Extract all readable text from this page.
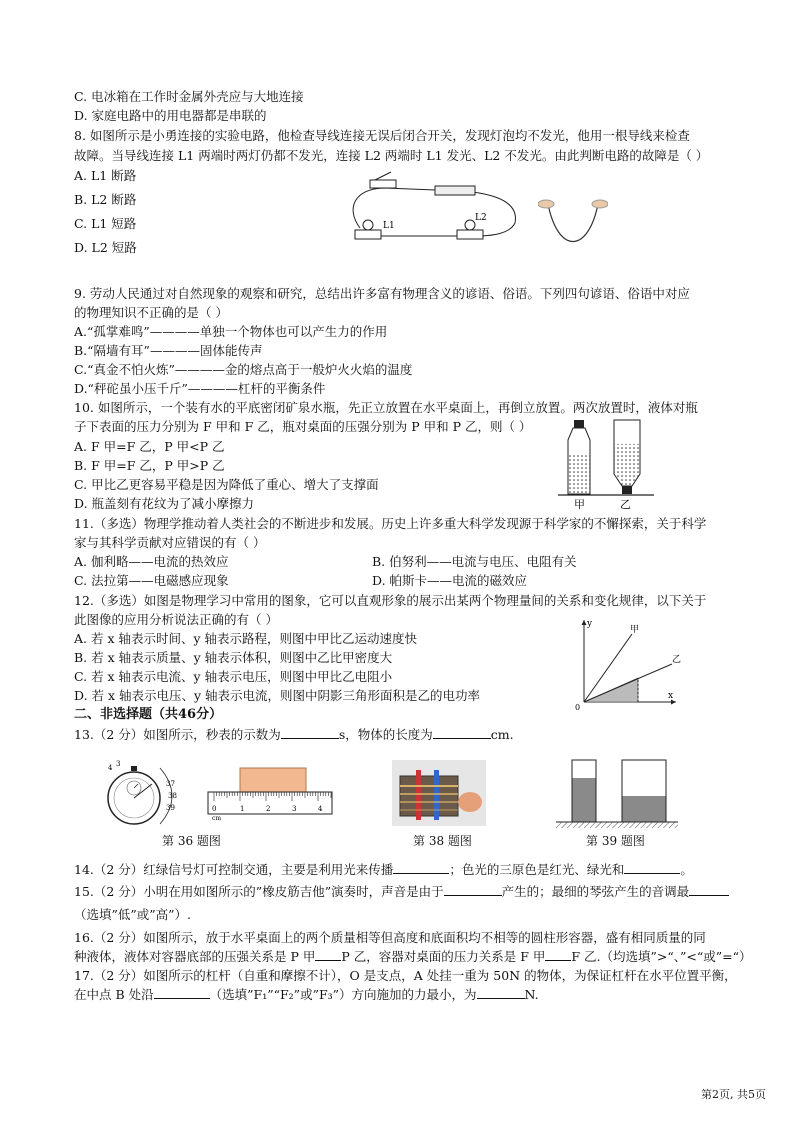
C. 电冰箱在工作时金属外壳应与大地连接
D. 家庭电路中的用电器都是串联的
8. 如图所示是小勇连接的实验电路，他检查导线连接无误后闭合开关，发现灯泡均不发光，他用一根导线来检查
故障。当导线连接 L1 两端时两灯仍都不发光，连接 L2 两端时 L1 发光、L2 不发光。由此判断电路的故障是（ ）
A. L1 断路
B. L2 断路
C. L1 短路
D. L2 短路
L1
L2
9. 劳动人民通过对自然现象的观察和研究，总结出许多富有物理含义的谚语、俗语。下列四句谚语、俗语中对应
的物理知识不正确的是（ ）
A.“孤掌难鸣”————单独一个物体也可以产生力的作用
B.“隔墙有耳”————固体能传声
C.“真金不怕火炼”————金的熔点高于一般炉火火焰的温度
D.“秤砣虽小压千斤”————杠杆的平衡条件
10. 如图所示，一个装有水的平底密闭矿泉水瓶，先正立放置在水平桌面上，再倒立放置。两次放置时，液体对瓶
子下表面的压力分别为 F 甲和 F 乙，瓶对桌面的压强分别为 P 甲和 P 乙，则（ ）
A. F 甲=F 乙，P 甲<P 乙
B. F 甲=F 乙，P 甲>P 乙
C. 甲比乙更容易平稳是因为降低了重心、增大了支撑面
D. 瓶盖刻有花纹为了减小摩擦力	甲	乙
11.（多选）物理学推动着人类社会的不断进步和发展。历史上许多重大科学发现源于科学家的不懈探索，关于科学
家与其科学贡献对应错误的有（ ）
A. 伽利略——电流的热效应	B. 伯努利——电流与电压、电阻有关
C. 法拉第——电磁感应现象	D. 帕斯卡——电流的磁效应
12.（多选）如图是物理学习中常用的图象，它可以直观形象的展示出某两个物理量间的关系和变化规律，以下关于
此图像的应用分析说法正确的有（ ）
A. 若 x 轴表示时间、y 轴表示路程，则图中甲比乙运动速度快
B. 若 x 轴表示质量、y 轴表示体积，则图中乙比甲密度大
C. 若 x 轴表示电流、y 轴表示电压，则图中甲比乙电阻小
D. 若 x 轴表示电压、y 轴表示电流，则图中阴影三角形面积是乙的电功率
y
x
0
甲
乙
二、非选择题（共46分）
13.（2 分）如图所示，秒表的示数为	s，物体的长度为	cm.
4 3
37
38
39	0	1	2	3	4
cm
第 36 题图	第 38 题图	第 39 题图
14.（2 分）红绿信号灯可控制交通，主要是利用光来传播	；色光的三原色是红光、绿光和	。
15.（2 分）小明在用如图所示的”橡皮筋吉他”演奏时，声音是由于	产生的；最细的琴弦产生的音调最
（选填”低”或”高”）.
16.（2 分）如图所示，放于水平桌面上的两个质量相等但高度和底面积均不相等的圆柱形容器，盛有相同质量的同
种液体，液体对容器底部的压强关系是 P 甲 P 乙，容器对桌面的压力关系是 F 甲 F 乙.（均选填”>“、”<“或”=“）
17.（2 分）如图所示的杠杆（自重和摩擦不计），O 是支点，A 处挂一重为 50N 的物体，为保证杠杆在水平位置平衡，
在中点 B 处沿	（选填”F₁”“F₂”或”F₃”）方向施加的力最小，为	N.
第2页, 共5页
